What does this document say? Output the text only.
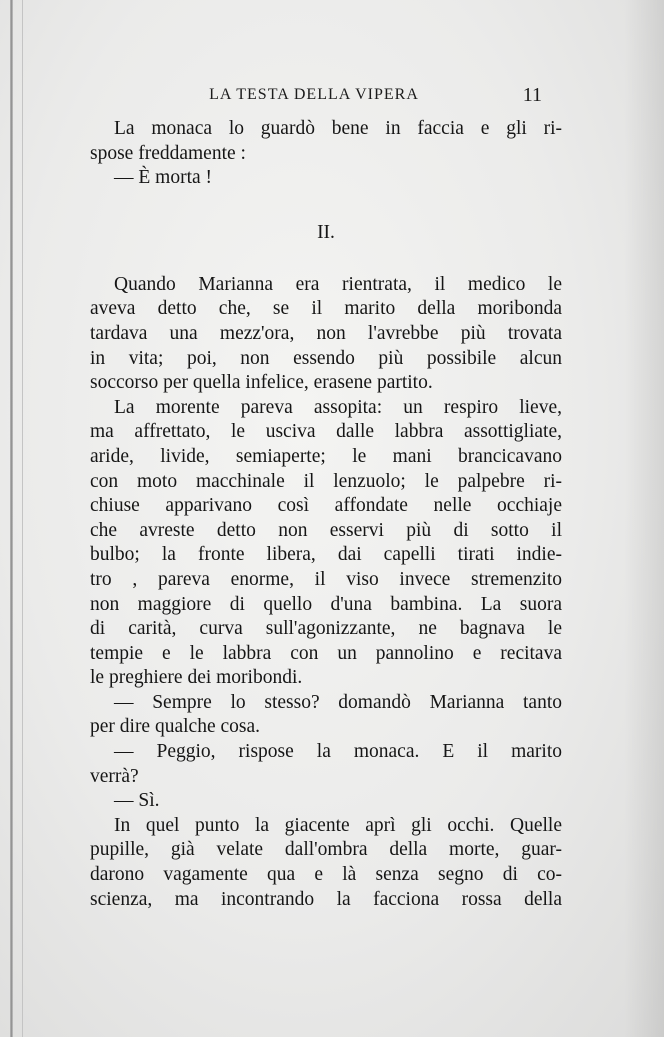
LA TESTA DELLA VIPERA	11
La monaca lo guardò bene in faccia e gli ri-
spose freddamente :
— È morta !
II.
Quando Marianna era rientrata, il medico le
aveva detto che, se il marito della moribonda
tardava una mezz'ora, non l'avrebbe più trovata
in vita; poi, non essendo più possibile alcun
soccorso per quella infelice, erasene partito.
La morente pareva assopita: un respiro lieve,
ma affrettato, le usciva dalle labbra assottigliate,
aride, livide, semiaperte; le mani brancicavano
con moto macchinale il lenzuolo; le palpebre ri-
chiuse apparivano così affondate nelle occhiaje
che avreste detto non esservi più di sotto il
bulbo; la fronte libera, dai capelli tirati indie-
tro , pareva enorme, il viso invece stremenzito
non maggiore di quello d'una bambina. La suora
di carità, curva sull'agonizzante, ne bagnava le
tempie e le labbra con un pannolino e recitava
le preghiere dei moribondi.
— Sempre lo stesso? domandò Marianna tanto
per dire qualche cosa.
— Peggio, rispose la monaca. E il marito
verrà?
— Sì.
In quel punto la giacente aprì gli occhi. Quelle
pupille, già velate dall'ombra della morte, guar-
darono vagamente qua e là senza segno di co-
scienza, ma incontrando la facciona rossa della
